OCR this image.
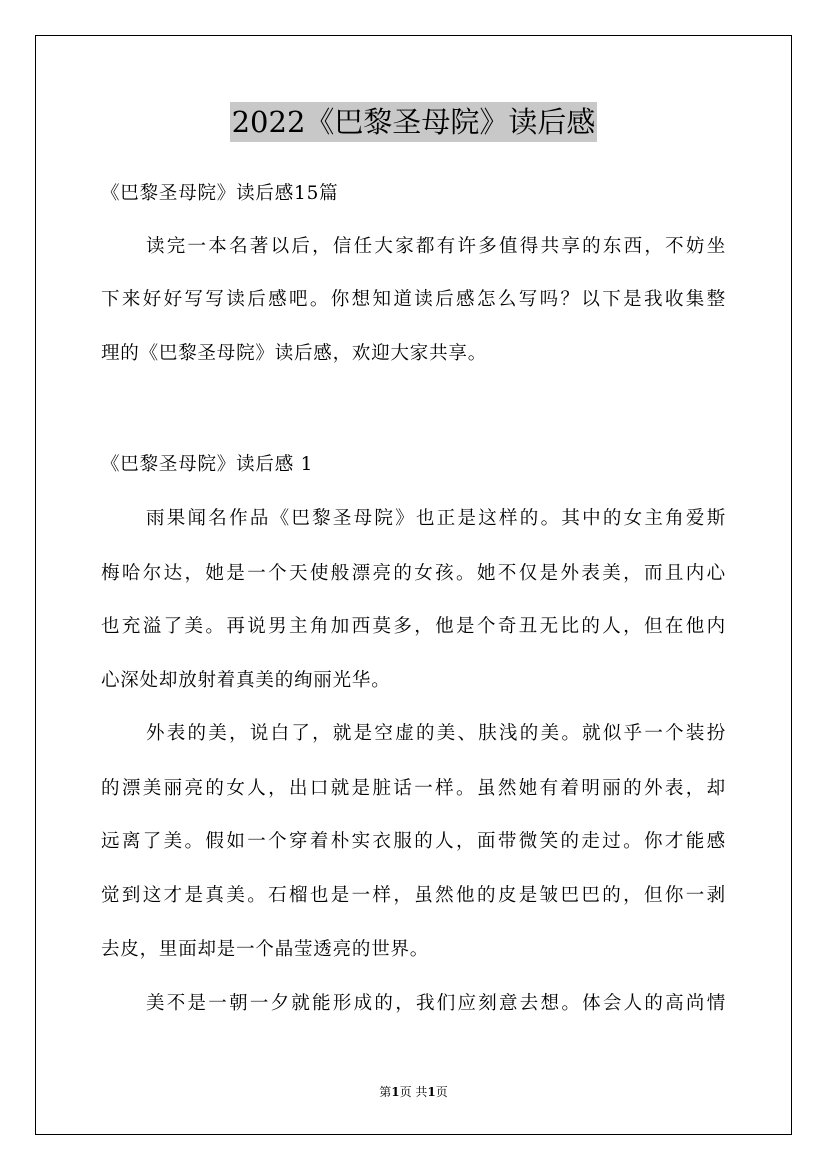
2022《巴黎圣母院》读后感
《巴黎圣母院》读后感15篇
读完一本名著以后，信任大家都有许多值得共享的东西，不妨坐
下来好好写写读后感吧。你想知道读后感怎么写吗？以下是我收集整
理的《巴黎圣母院》读后感，欢迎大家共享。
《巴黎圣母院》读后感 1
雨果闻名作品《巴黎圣母院》也正是这样的。其中的女主角爱斯
梅哈尔达，她是一个天使般漂亮的女孩。她不仅是外表美，而且内心
也充溢了美。再说男主角加西莫多，他是个奇丑无比的人，但在他内
心深处却放射着真美的绚丽光华。
外表的美，说白了，就是空虚的美、肤浅的美。就似乎一个装扮
的漂美丽亮的女人，出口就是脏话一样。虽然她有着明丽的外表，却
远离了美。假如一个穿着朴实衣服的人，面带微笑的走过。你才能感
觉到这才是真美。石榴也是一样，虽然他的皮是皱巴巴的，但你一剥
去皮，里面却是一个晶莹透亮的世界。
美不是一朝一夕就能形成的，我们应刻意去想。体会人的高尚情
第1页 共1页
